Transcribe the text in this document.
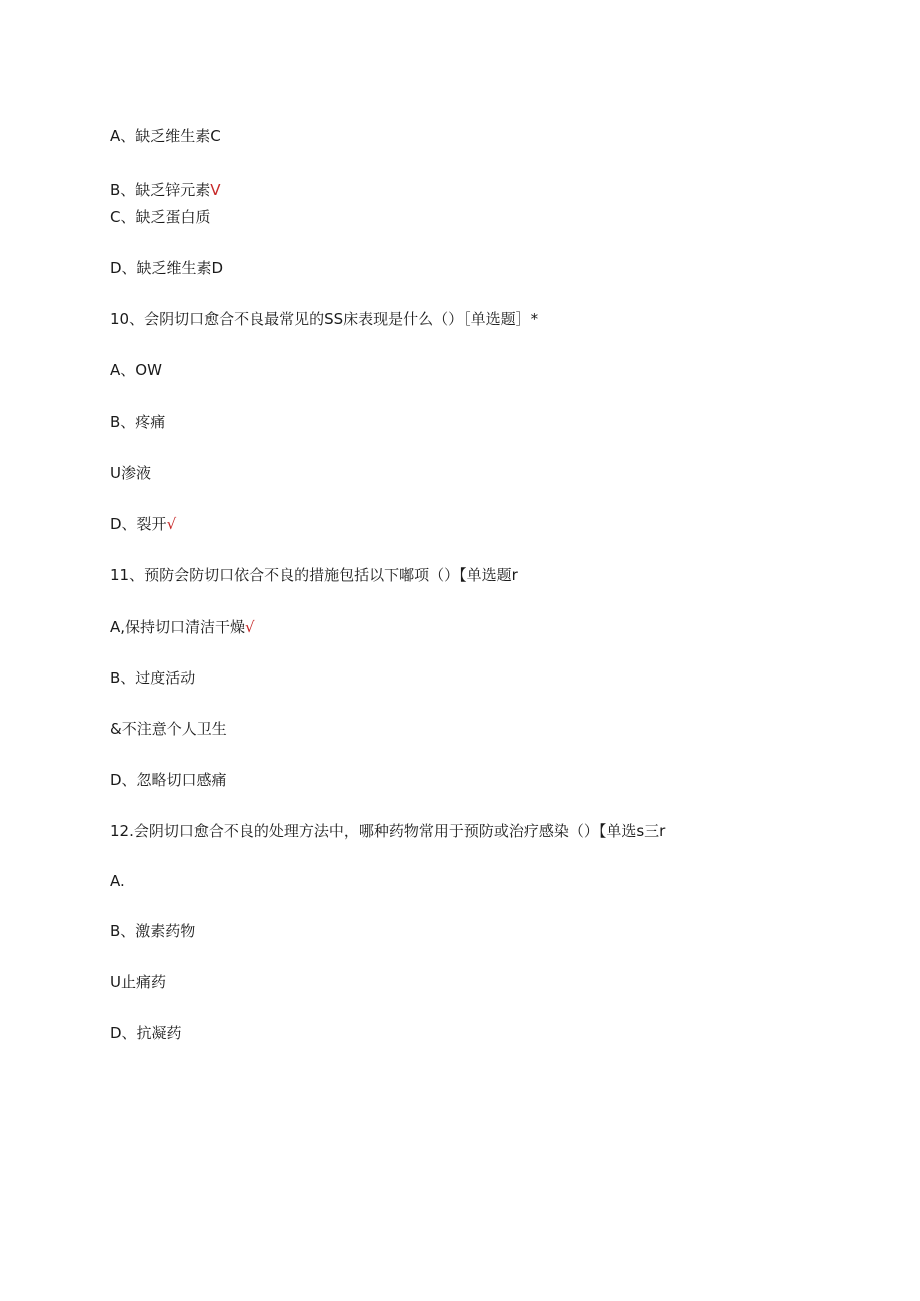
A、缺乏维生素C
B、缺乏锌元素V
C、缺乏蛋白质
D、缺乏维生素D
10、会阴切口愈合不良最常见的SS床表现是什么（）［单选题］*
A、OW
B、疼痛
U渗液
D、裂开√
11、预防会防切口依合不良的措施包括以下嘟项（）【单选题r
A,保持切口清洁干燥√
B、过度活动
&不注意个人卫生
D、忽略切口感痛
12.会阴切口愈合不良的处理方法中，哪种药物常用于预防或治疗感染（）【单选s三r
A.
B、激素药物
U止痛药
D、抗凝药
